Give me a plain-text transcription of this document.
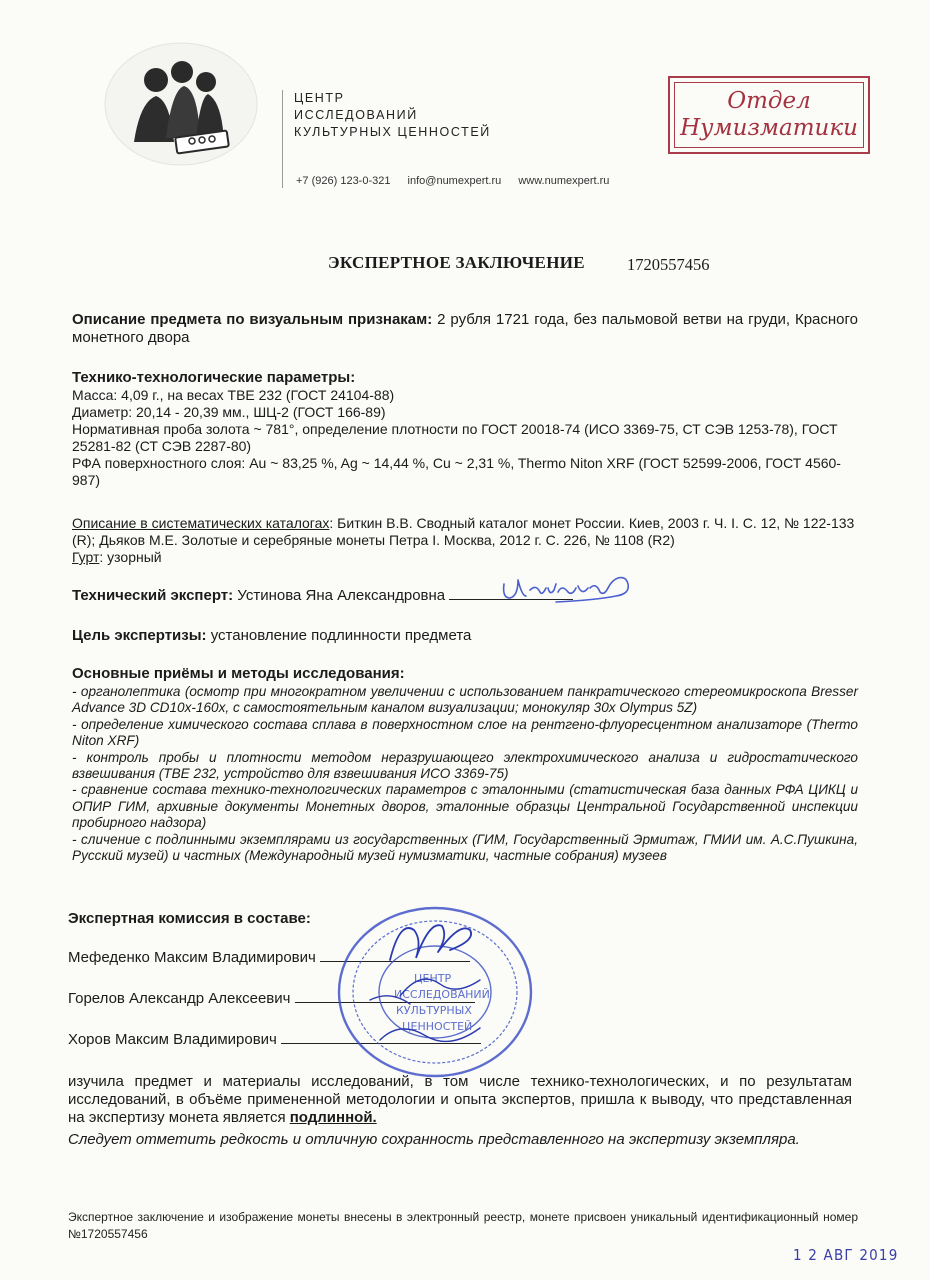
ЦЕНТР
ИССЛЕДОВАНИЙ
КУЛЬТУРНЫХ ЦЕННОСТЕЙ
+7 (926) 123-0-321 info@numexpert.ru www.numexpert.ru
Отдел
Нумизматики
ЭКСПЕРТНОЕ ЗАКЛЮЧЕНИЕ	1720557456
Описание предмета по визуальным признакам: 2 рубля 1721 года, без пальмовой ветви на груди, Красного монетного двора
Технико-технологические параметры:
Масса: 4,09 г., на весах ТВЕ 232 (ГОСТ 24104-88)
Диаметр: 20,14 - 20,39 мм., ШЦ-2 (ГОСТ 166-89)
Нормативная проба золота ~ 781°, определение плотности по ГОСТ 20018-74 (ИСО 3369-75, СТ СЭВ 1253-78), ГОСТ 25281-82 (СТ СЭВ 2287-80)
РФА поверхностного слоя: Au ~ 83,25 %, Ag ~ 14,44 %, Cu ~ 2,31 %, Thermo Niton XRF (ГОСТ 52599-2006, ГОСТ 4560-987)
Описание в систематических каталогах: Биткин В.В. Сводный каталог монет России. Киев, 2003 г. Ч. I. С. 12, № 122-133 (R); Дьяков М.Е. Золотые и серебряные монеты Петра I. Москва, 2012 г. С. 226, № 1108 (R2)
Гурт: узорный
Технический эксперт: Устинова Яна Александровна
Цель экспертизы: установление подлинности предмета
Основные приёмы и методы исследования:
- органолептика (осмотр при многократном увеличении с использованием панкратического стереомикроскопа Bresser Advance 3D CD10x-160x, с самостоятельным каналом визуализации; монокуляр 30x Olympus 5Z)
- определение химического состава сплава в поверхностном слое на рентгено-флуоресцентном анализаторе (Thermo Niton XRF)
- контроль пробы и плотности методом неразрушающего электрохимического анализа и гидростатического взвешивания (ТВЕ 232, устройство для взвешивания ИСО 3369-75)
- сравнение состава технико-технологических параметров с эталонными (статистическая база данных РФА ЦИКЦ и ОПИР ГИМ, архивные документы Монетных дворов, эталонные образцы Центральной Государственной инспекции пробирного надзора)
- сличение с подлинными экземплярами из государственных (ГИМ, Государственный Эрмитаж, ГМИИ им. А.С.Пушкина, Русский музей) и частных (Международный музей нумизматики, частные собрания) музеев
Экспертная комиссия в составе:
Мефеденко Максим Владимирович
Горелов Александр Алексеевич
Хоров Максим Владимирович
ЦЕНТР
ИССЛЕДОВАНИЙ
КУЛЬТУРНЫХ
ЦЕННОСТЕЙ
изучила предмет и материалы исследований, в том числе технико-технологических, и по результатам исследований, в объёме примененной методологии и опыта экспертов, пришла к выводу, что представленная на экспертизу монета является подлинной.
Следует отметить редкость и отличную сохранность представленного на экспертизу экземпляра.
Экспертное заключение и изображение монеты внесены в электронный реестр, монете присвоен уникальный идентификационный номер №1720557456
1 2 АВГ 2019
